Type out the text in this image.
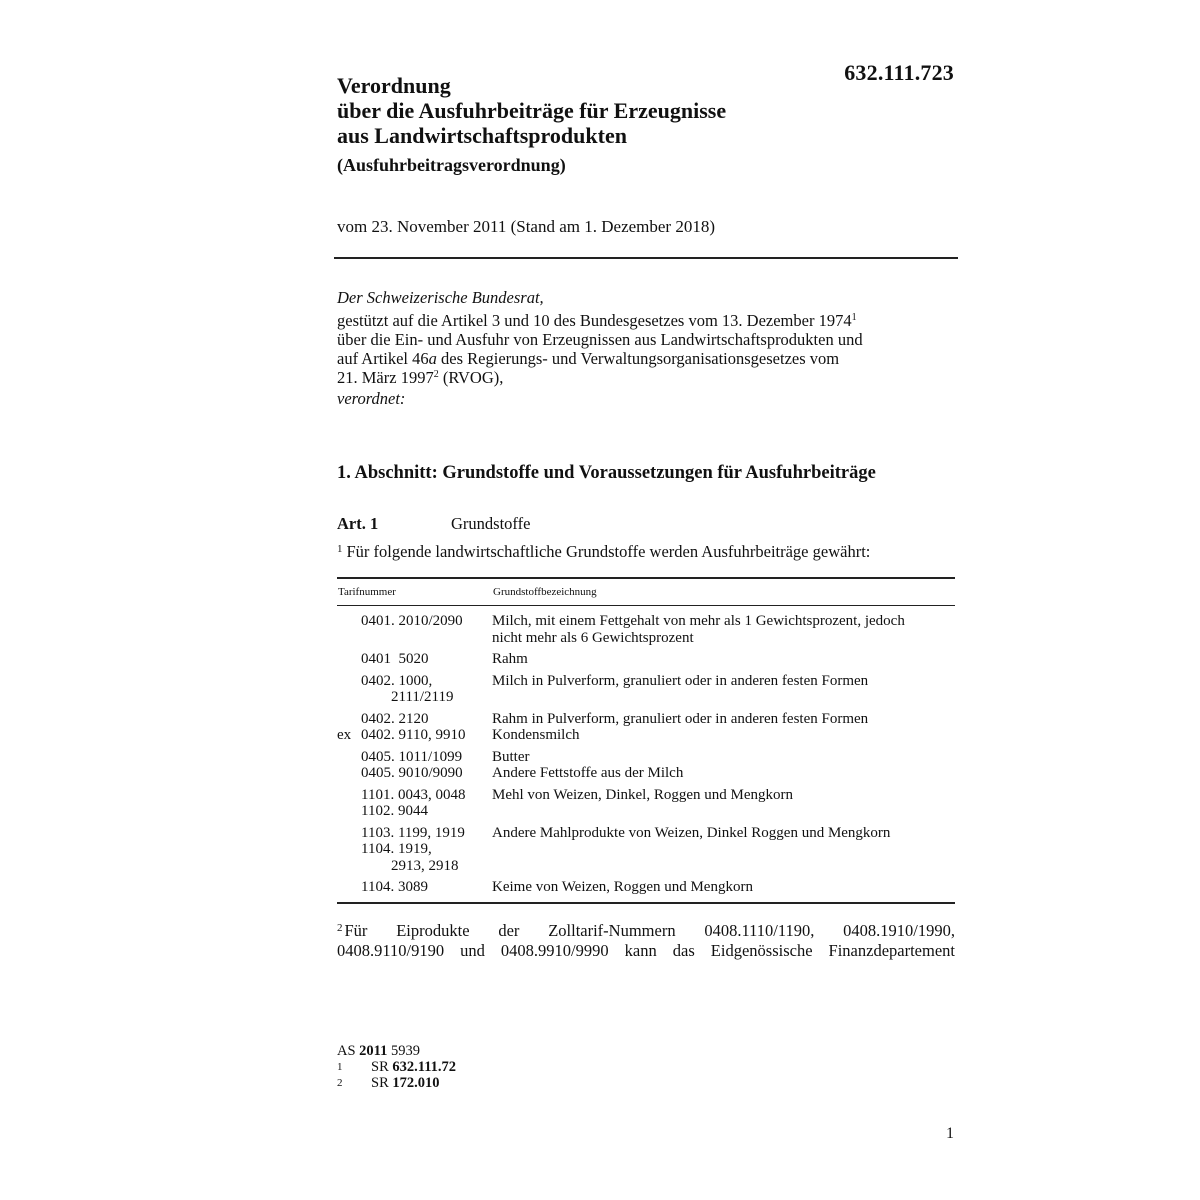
632.111.723

Verordnung

über die Ausfuhrbeiträge für Erzeugnisse

aus Landwirtschaftsprodukten

(Ausfuhrbeitragsverordnung)
vom 23. November 2011 (Stand am 1. Dezember 2018)
Der Schweizerische Bundesrat,
gestützt auf die Artikel 3 und 10 des Bundesgesetzes vom 13. Dezember 1974$^1$
über die Ein- und Ausfuhr von Erzeugnissen aus Landwirtschaftsprodukten und
auf Artikel 46a des Regierungs- und Verwaltungsorganisationsgesetzes vom
21. März 1997$^2$ (RVOG),
verordnet:
1. Abschnitt: Grundstoffe und Voraussetzungen für Ausfuhrbeiträge
Art. 1	Grundstoffe
$^1$ Für folgende landwirtschaftliche Grundstoffe werden Ausfuhrbeiträge gewährt:
Tarifnummer	Grundstoffbezeichnung
0401. 2010/2090	Milch, mit einem Fettgehalt von mehr als 1 Gewichtsprozent, jedoch
nicht mehr als 6 Gewichtsprozent
0401  5020	Rahm
0402. 1000,	Milch in Pulverform, granuliert oder in anderen festen Formen
2111/2119
0402. 2120	Rahm in Pulverform, granuliert oder in anderen festen Formen
ex 0402. 9110, 9910	Kondensmilch
0405. 1011/1099	Butter
0405. 9010/9090	Andere Fettstoffe aus der Milch
1101. 0043, 0048	Mehl von Weizen, Dinkel, Roggen und Mengkorn
1102. 9044
1103. 1199, 1919	Andere Mahlprodukte von Weizen, Dinkel Roggen und Mengkorn
1104. 1919,
2913, 2918
1104. 3089	Keime von Weizen, Roggen und Mengkorn
$^2$ Für Eiprodukte der Zolltarif-Nummern 0408.1110/1190, 0408.1910/1990,
0408.9110/9190 und 0408.9910/9990 kann das Eidgenössische Finanzdepartement
AS 2011 5939
1	SR 632.111.72
2	SR 172.010
1
